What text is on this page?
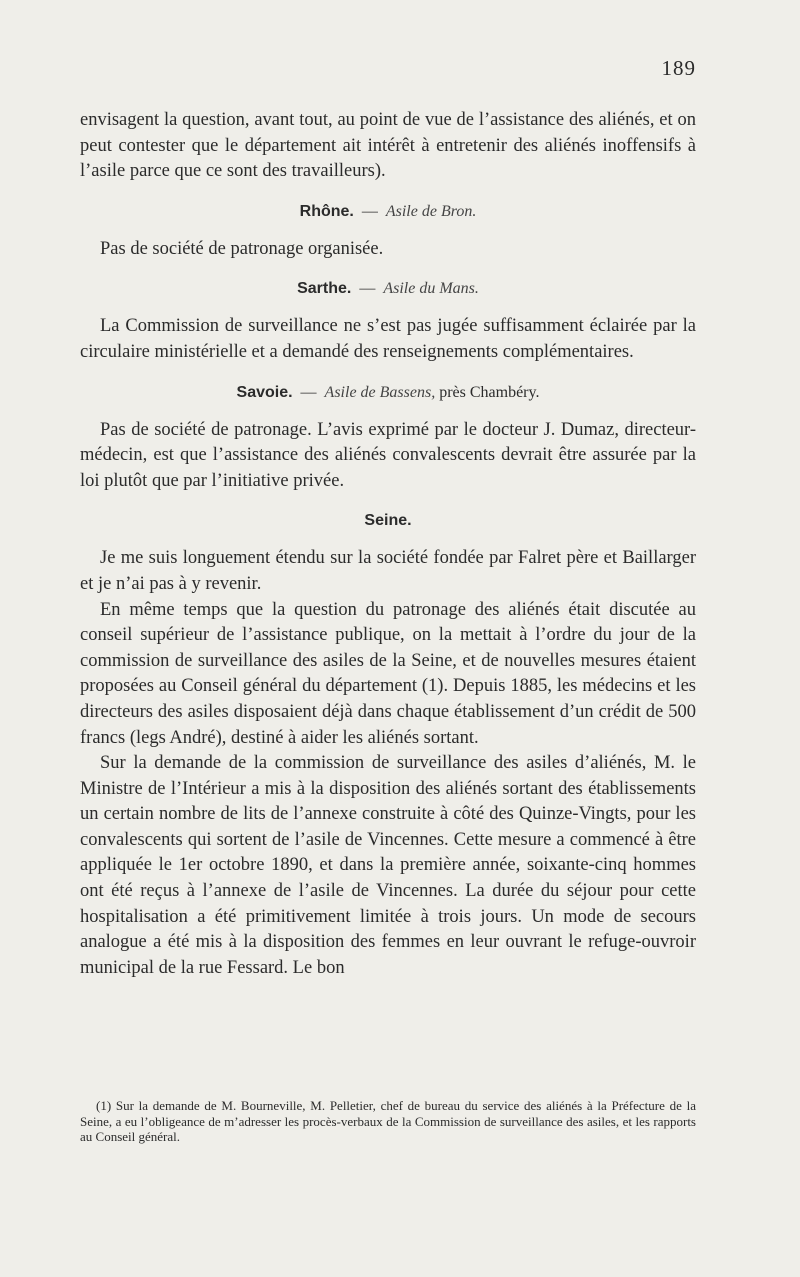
189

envisagent la question, avant tout, au point de vue de l’assistance des aliénés, et on peut contester que le département ait intérêt à entretenir des aliénés inoffensifs à l’asile parce que ce sont des travailleurs).

Rhône. — Asile de Bron.

Pas de société de patronage organisée.

Sarthe. — Asile du Mans.

La Commission de surveillance ne s’est pas jugée suffisamment éclairée par la circulaire ministérielle et a demandé des renseignements complémentaires.

Savoie. — Asile de Bassens, près Chambéry.

Pas de société de patronage. L’avis exprimé par le docteur J. Dumaz, directeur-médecin, est que l’assistance des aliénés convalescents devrait être assurée par la loi plutôt que par l’initiative privée.

Seine.

Je me suis longuement étendu sur la société fondée par Falret père et Baillarger et je n’ai pas à y revenir.

En même temps que la question du patronage des aliénés était discutée au conseil supérieur de l’assistance publique, on la mettait à l’ordre du jour de la commission de surveillance des asiles de la Seine, et de nouvelles mesures étaient proposées au Conseil général du département (1). Depuis 1885, les médecins et les directeurs des asiles disposaient déjà dans chaque établissement d’un crédit de 500 francs (legs André), destiné à aider les aliénés sortant.

Sur la demande de la commission de surveillance des asiles d’aliénés, M. le Ministre de l’Intérieur a mis à la disposition des aliénés sortant des établissements un certain nombre de lits de l’annexe construite à côté des Quinze-Vingts, pour les convalescents qui sortent de l’asile de Vincennes. Cette mesure a commencé à être appliquée le 1er octobre 1890, et dans la première année, soixante-cinq hommes ont été reçus à l’annexe de l’asile de Vincennes. La durée du séjour pour cette hospitalisation a été primitivement limitée à trois jours. Un mode de secours analogue a été mis à la disposition des femmes en leur ouvrant le refuge-ouvroir municipal de la rue Fessard. Le bon

(1) Sur la demande de M. Bourneville, M. Pelletier, chef de bureau du service des aliénés à la Préfecture de la Seine, a eu l’obligeance de m’adresser les procès-verbaux de la Commission de surveillance des asiles, et les rapports au Conseil général.
